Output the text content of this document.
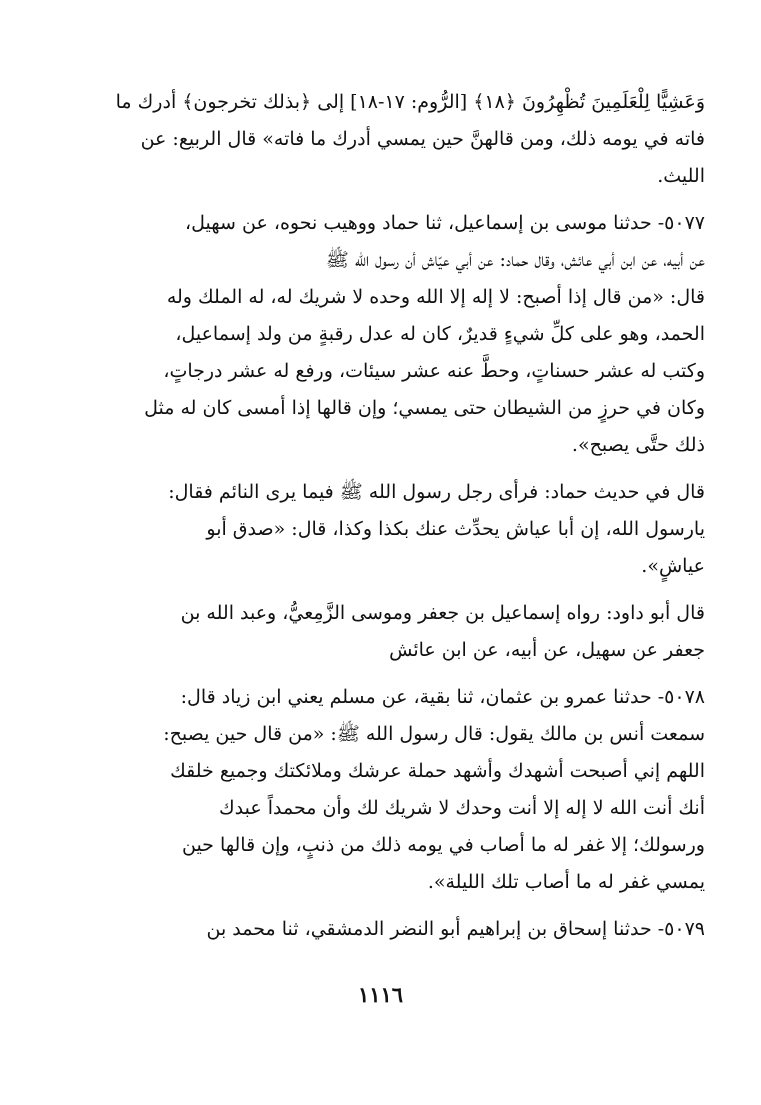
وَعَشِيًّا لِلْعَلَمِينَ تُظْهِرُونَ ﴿١٨﴾ [الرُّوم: ١٧-١٨] إلى ﴿بذلك تخرجون﴾ أدرك ما
فاته في يومه ذلك، ومن قالهنَّ حين يمسي أدرك ما فاته» قال الربيع: عن
الليث.
٥٠٧٧- حدثنا موسى بن إسماعيل، ثنا حماد ووهيب نحوه، عن سهيل،
عن أبيه، عن ابن أبي عائش، وقال حماد: عن أبي عيّاش أن رسول الله ﷺ
قال: «من قال إذا أصبح: لا إله إلا الله وحده لا شريك له، له الملك وله
الحمد، وهو على كلِّ شيءٍ قديرٌ، كان له عدل رقبةٍ من ولد إسماعيل،
وكتب له عشر حسناتٍ، وحطَّ عنه عشر سيئات، ورفع له عشر درجاتٍ،
وكان في حرزٍ من الشيطان حتى يمسي؛ وإن قالها إذا أمسى كان له مثل
ذلك حتَّى يصبح».
قال في حديث حماد: فرأى رجل رسول الله ﷺ فيما يرى النائم فقال:
يارسول الله، إن أبا عياش يحدِّث عنك بكذا وكذا، قال: «صدق أبو
عياشٍ».
قال أبو داود: رواه إسماعيل بن جعفر وموسى الزَّمِعيُّ، وعبد الله بن
جعفر عن سهيل، عن أبيه، عن ابن عائش
٥٠٧٨- حدثنا عمرو بن عثمان، ثنا بقية، عن مسلم يعني ابن زياد قال:
سمعت أنس بن مالك يقول: قال رسول الله ﷺ: «من قال حين يصبح:
اللهم إني أصبحت أشهدك وأشهد حملة عرشك وملائكتك وجميع خلقك
أنك أنت الله لا إله إلا أنت وحدك لا شريك لك وأن محمداً عبدك
ورسولك؛ إلا غفر له ما أصاب في يومه ذلك من ذنبٍ، وإن قالها حين
يمسي غفر له ما أصاب تلك الليلة».
٥٠٧٩- حدثنا إسحاق بن إبراهيم أبو النضر الدمشقي، ثنا محمد بن
١١١٦
